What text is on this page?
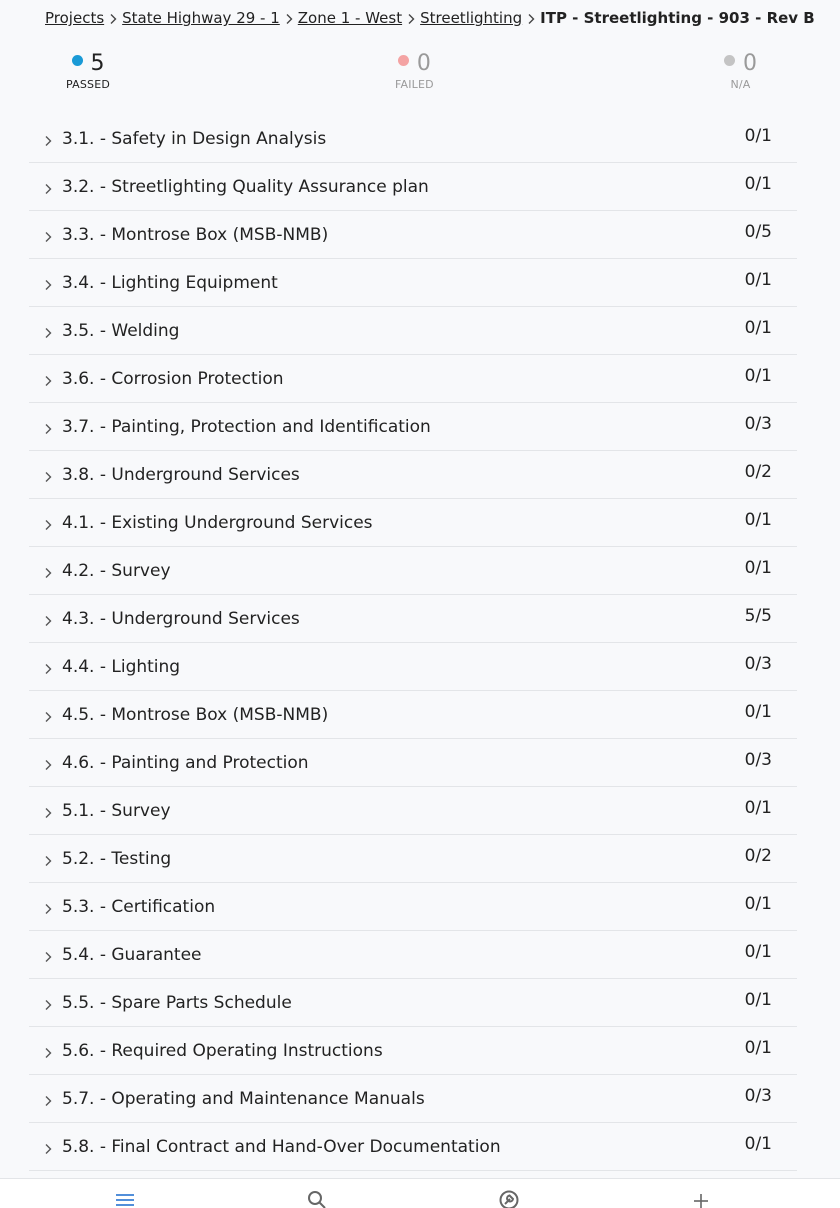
Projects State Highway 29 - 1 Zone 1 - West Streetlighting ITP - Streetlighting - 903 - Rev B
5
PASSED
0
FAILED
0
N/A
3.1. - Safety in Design Analysis	0/1
3.2. - Streetlighting Quality Assurance plan	0/1
3.3. - Montrose Box (MSB-NMB)	0/5
3.4. - Lighting Equipment	0/1
3.5. - Welding	0/1
3.6. - Corrosion Protection	0/1
3.7. - Painting, Protection and Identification	0/3
3.8. - Underground Services	0/2
4.1. - Existing Underground Services	0/1
4.2. - Survey	0/1
4.3. - Underground Services	5/5
4.4. - Lighting	0/3
4.5. - Montrose Box (MSB-NMB)	0/1
4.6. - Painting and Protection	0/3
5.1. - Survey	0/1
5.2. - Testing	0/2
5.3. - Certification	0/1
5.4. - Guarantee	0/1
5.5. - Spare Parts Schedule	0/1
5.6. - Required Operating Instructions	0/1
5.7. - Operating and Maintenance Manuals	0/3
5.8. - Final Contract and Hand-Over Documentation	0/1
